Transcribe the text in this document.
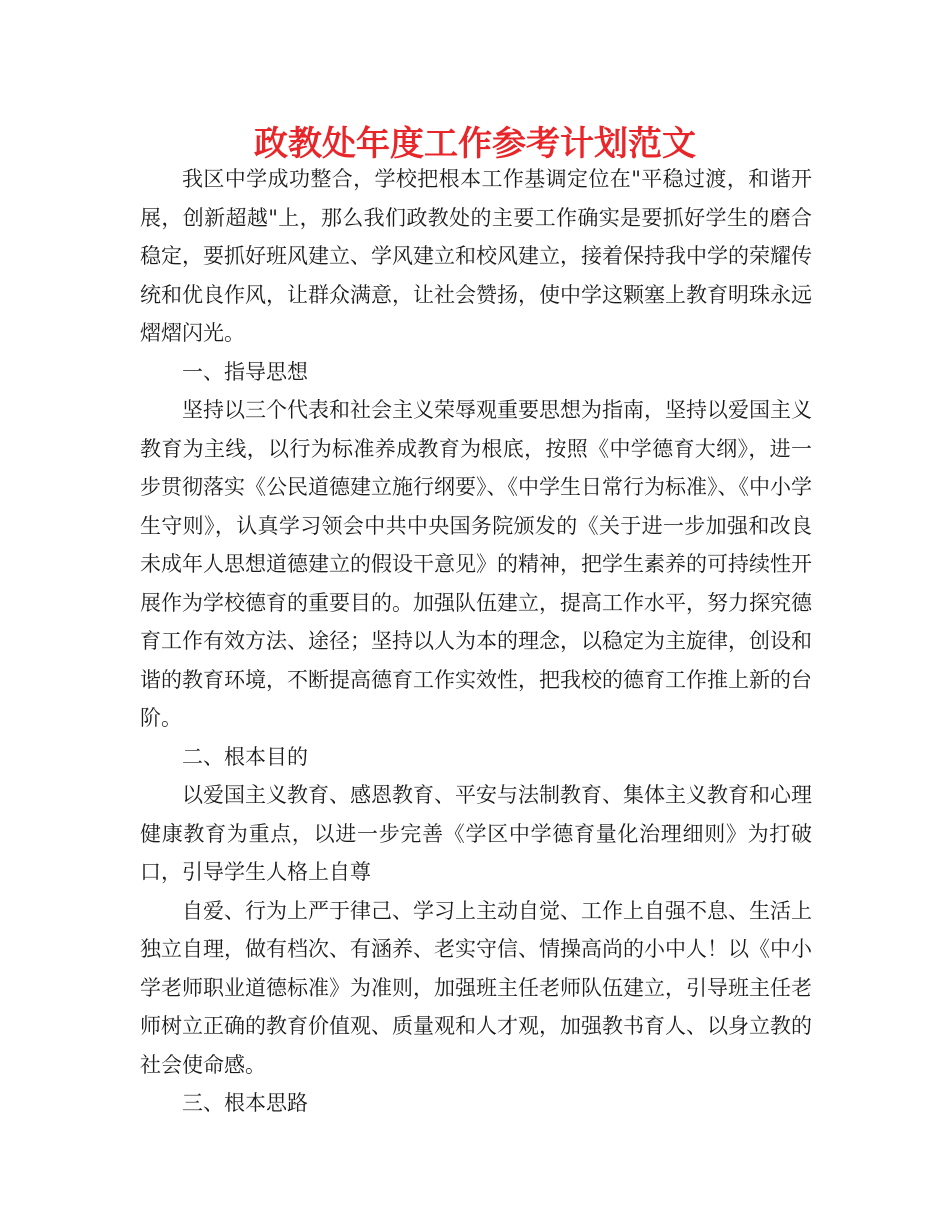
政教处年度工作参考计划范文

我区中学成功整合，学校把根本工作基调定位在"平稳过渡，和谐开展，创新超越"上，那么我们政教处的主要工作确实是要抓好学生的磨合稳定，要抓好班风建立、学风建立和校风建立，接着保持我中学的荣耀传统和优良作风，让群众满意，让社会赞扬，使中学这颗塞上教育明珠永远熠熠闪光。

一、指导思想

坚持以三个代表和社会主义荣辱观重要思想为指南，坚持以爱国主义教育为主线，以行为标准养成教育为根底，按照《中学德育大纲》，进一步贯彻落实《公民道德建立施行纲要》、《中学生日常行为标准》、《中小学生守则》，认真学习领会中共中央国务院颁发的《关于进一步加强和改良未成年人思想道德建立的假设干意见》的精神，把学生素养的可持续性开展作为学校德育的重要目的。加强队伍建立，提高工作水平，努力探究德育工作有效方法、途径；坚持以人为本的理念，以稳定为主旋律，创设和谐的教育环境，不断提高德育工作实效性，把我校的德育工作推上新的台阶。

二、根本目的

以爱国主义教育、感恩教育、平安与法制教育、集体主义教育和心理健康教育为重点，以进一步完善《学区中学德育量化治理细则》为打破口，引导学生人格上自尊

自爱、行为上严于律己、学习上主动自觉、工作上自强不息、生活上独立自理，做有档次、有涵养、老实守信、情操高尚的小中人！以《中小学老师职业道德标准》为准则，加强班主任老师队伍建立，引导班主任老师树立正确的教育价值观、质量观和人才观，加强教书育人、以身立教的社会使命感。

三、根本思路
